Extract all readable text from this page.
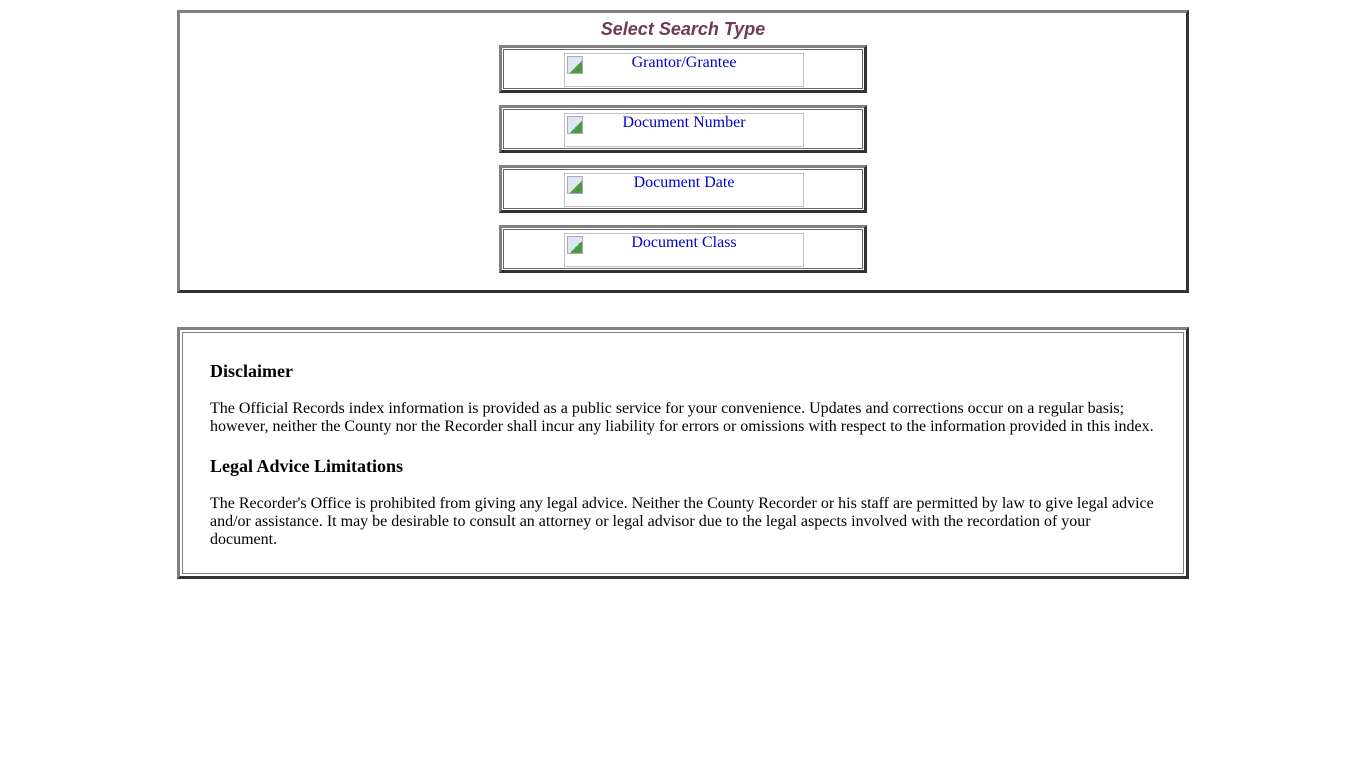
Select Search Type
Grantor/Grantee
Document Number
Document Date
Document Class
Disclaimer

The Official Records index information is provided as a public service for your convenience. Updates and corrections occur on a regular basis; however, neither the County nor the Recorder shall incur any liability for errors or omissions with respect to the information provided in this index.

Legal Advice Limitations

The Recorder's Office is prohibited from giving any legal advice. Neither the County Recorder or his staff are permitted by law to give legal advice and/or assistance. It may be desirable to consult an attorney or legal advisor due to the legal aspects involved with the recordation of your document.
